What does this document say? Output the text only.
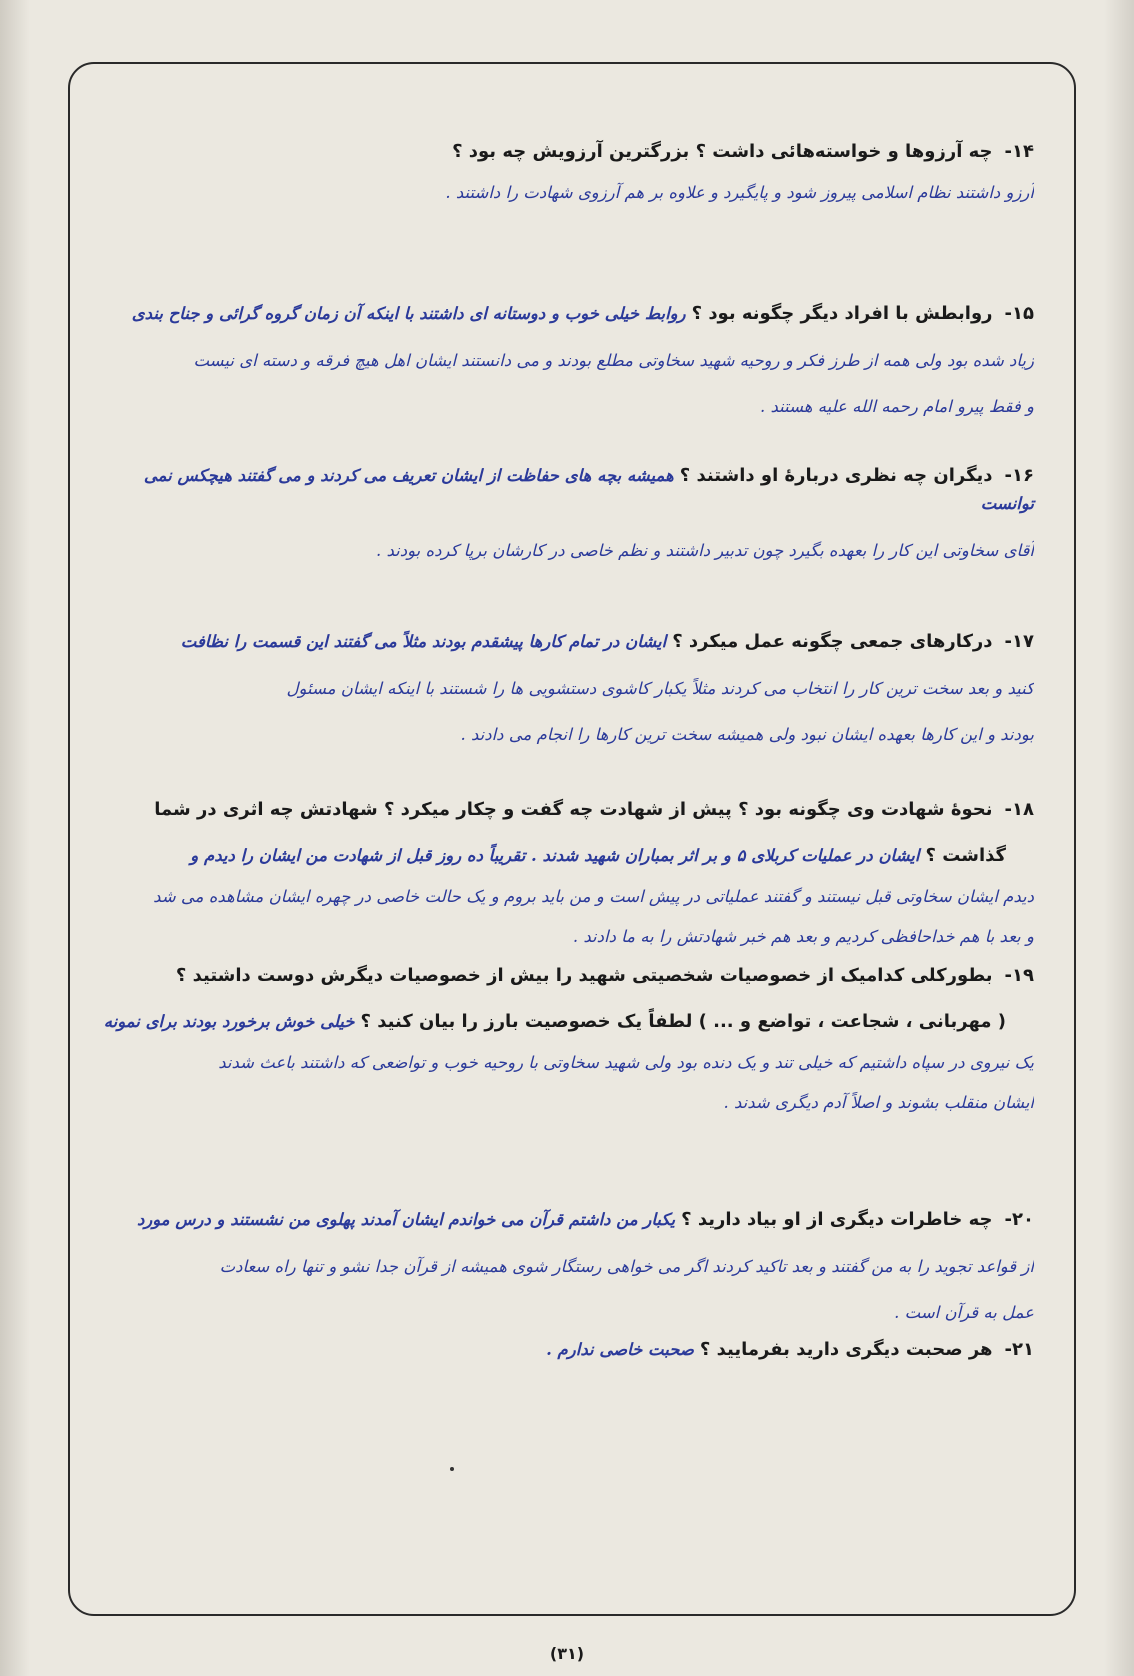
۱۴-چه آرزوها و خواسته‌هائی داشت ؟ بزرگترین آرزویش چه بود ؟
آرزو داشتند نظام اسلامی پیروز شود و پایگیرد و علاوه بر هم آرزوی شهادت را داشتند .
۱۵-روابطش با افراد دیگر چگونه بود ؟روابط خیلی خوب و دوستانه ای داشتند با اینکه آن زمان گروه گرائی و جناح بندی
زیاد شده بود ولی همه از طرز فکر و روحیه شهید سخاوتی مطلع بودند و می دانستند ایشان اهل هیچ فرقه و دسته ای نیست
و فقط پیرو امام رحمه الله علیه هستند .
۱۶-دیگران چه نظری دربارهٔ او داشتند ؟همیشه بچه های حفاظت از ایشان تعریف می کردند و می گفتند هیچکس نمی توانست
آقای سخاوتی این کار را بعهده بگیرد چون تدبیر داشتند و نظم خاصی در کارشان برپا کرده بودند .
۱۷-درکارهای جمعی چگونه عمل میکرد ؟ایشان در تمام کارها پیشقدم بودند مثلاً می گفتند این قسمت را نظافت
کنید و بعد سخت ترین کار را انتخاب می کردند مثلاً یکبار کاشوی دستشویی ها را شستند با اینکه ایشان مسئول
بودند و این کارها بعهده ایشان نبود ولی همیشه سخت ترین کارها را انجام می دادند .
۱۸-نحوهٔ شهادت وی چگونه بود ؟ پیش از شهادت چه گفت و چکار میکرد ؟ شهادتش چه اثری در شما
گذاشت ؟ایشان در عملیات کربلای ۵ و بر اثر بمباران شهید شدند . تقریباً ده روز قبل از شهادت من ایشان را دیدم و
دیدم ایشان سخاوتی قبل نیستند و گفتند عملیاتی در پیش است و من باید بروم و یک حالت خاصی در چهره ایشان مشاهده می شد
و بعد با هم خداحافظی کردیم و بعد هم خبر شهادتش را به ما دادند .
۱۹-بطورکلی کدامیک از خصوصیات شخصیتی شهید را بیش از خصوصیات دیگرش دوست داشتید ؟
( مهربانی ، شجاعت ، تواضع و ... ) لطفاً یک خصوصیت بارز را بیان کنید ؟خیلی خوش برخورد بودند برای نمونه
یک نیروی در سپاه داشتیم که خیلی تند و یک دنده بود ولی شهید سخاوتی با روحیه خوب و تواضعی که داشتند باعث شدند
ایشان منقلب بشوند و اصلاً آدم دیگری شدند .
۲۰-چه خاطرات دیگری از او بیاد دارید ؟یکبار من داشتم قرآن می خواندم ایشان آمدند پهلوی من نشستند و درس مورد
از قواعد تجوید را به من گفتند و بعد تاکید کردند اگر می خواهی رستگار شوی همیشه از قرآن جدا نشو و تنها راه سعادت
عمل به قرآن است .
۲۱-هر صحبت دیگری دارید بفرمایید ؟صحبت خاصی ندارم .
(۳۱)
